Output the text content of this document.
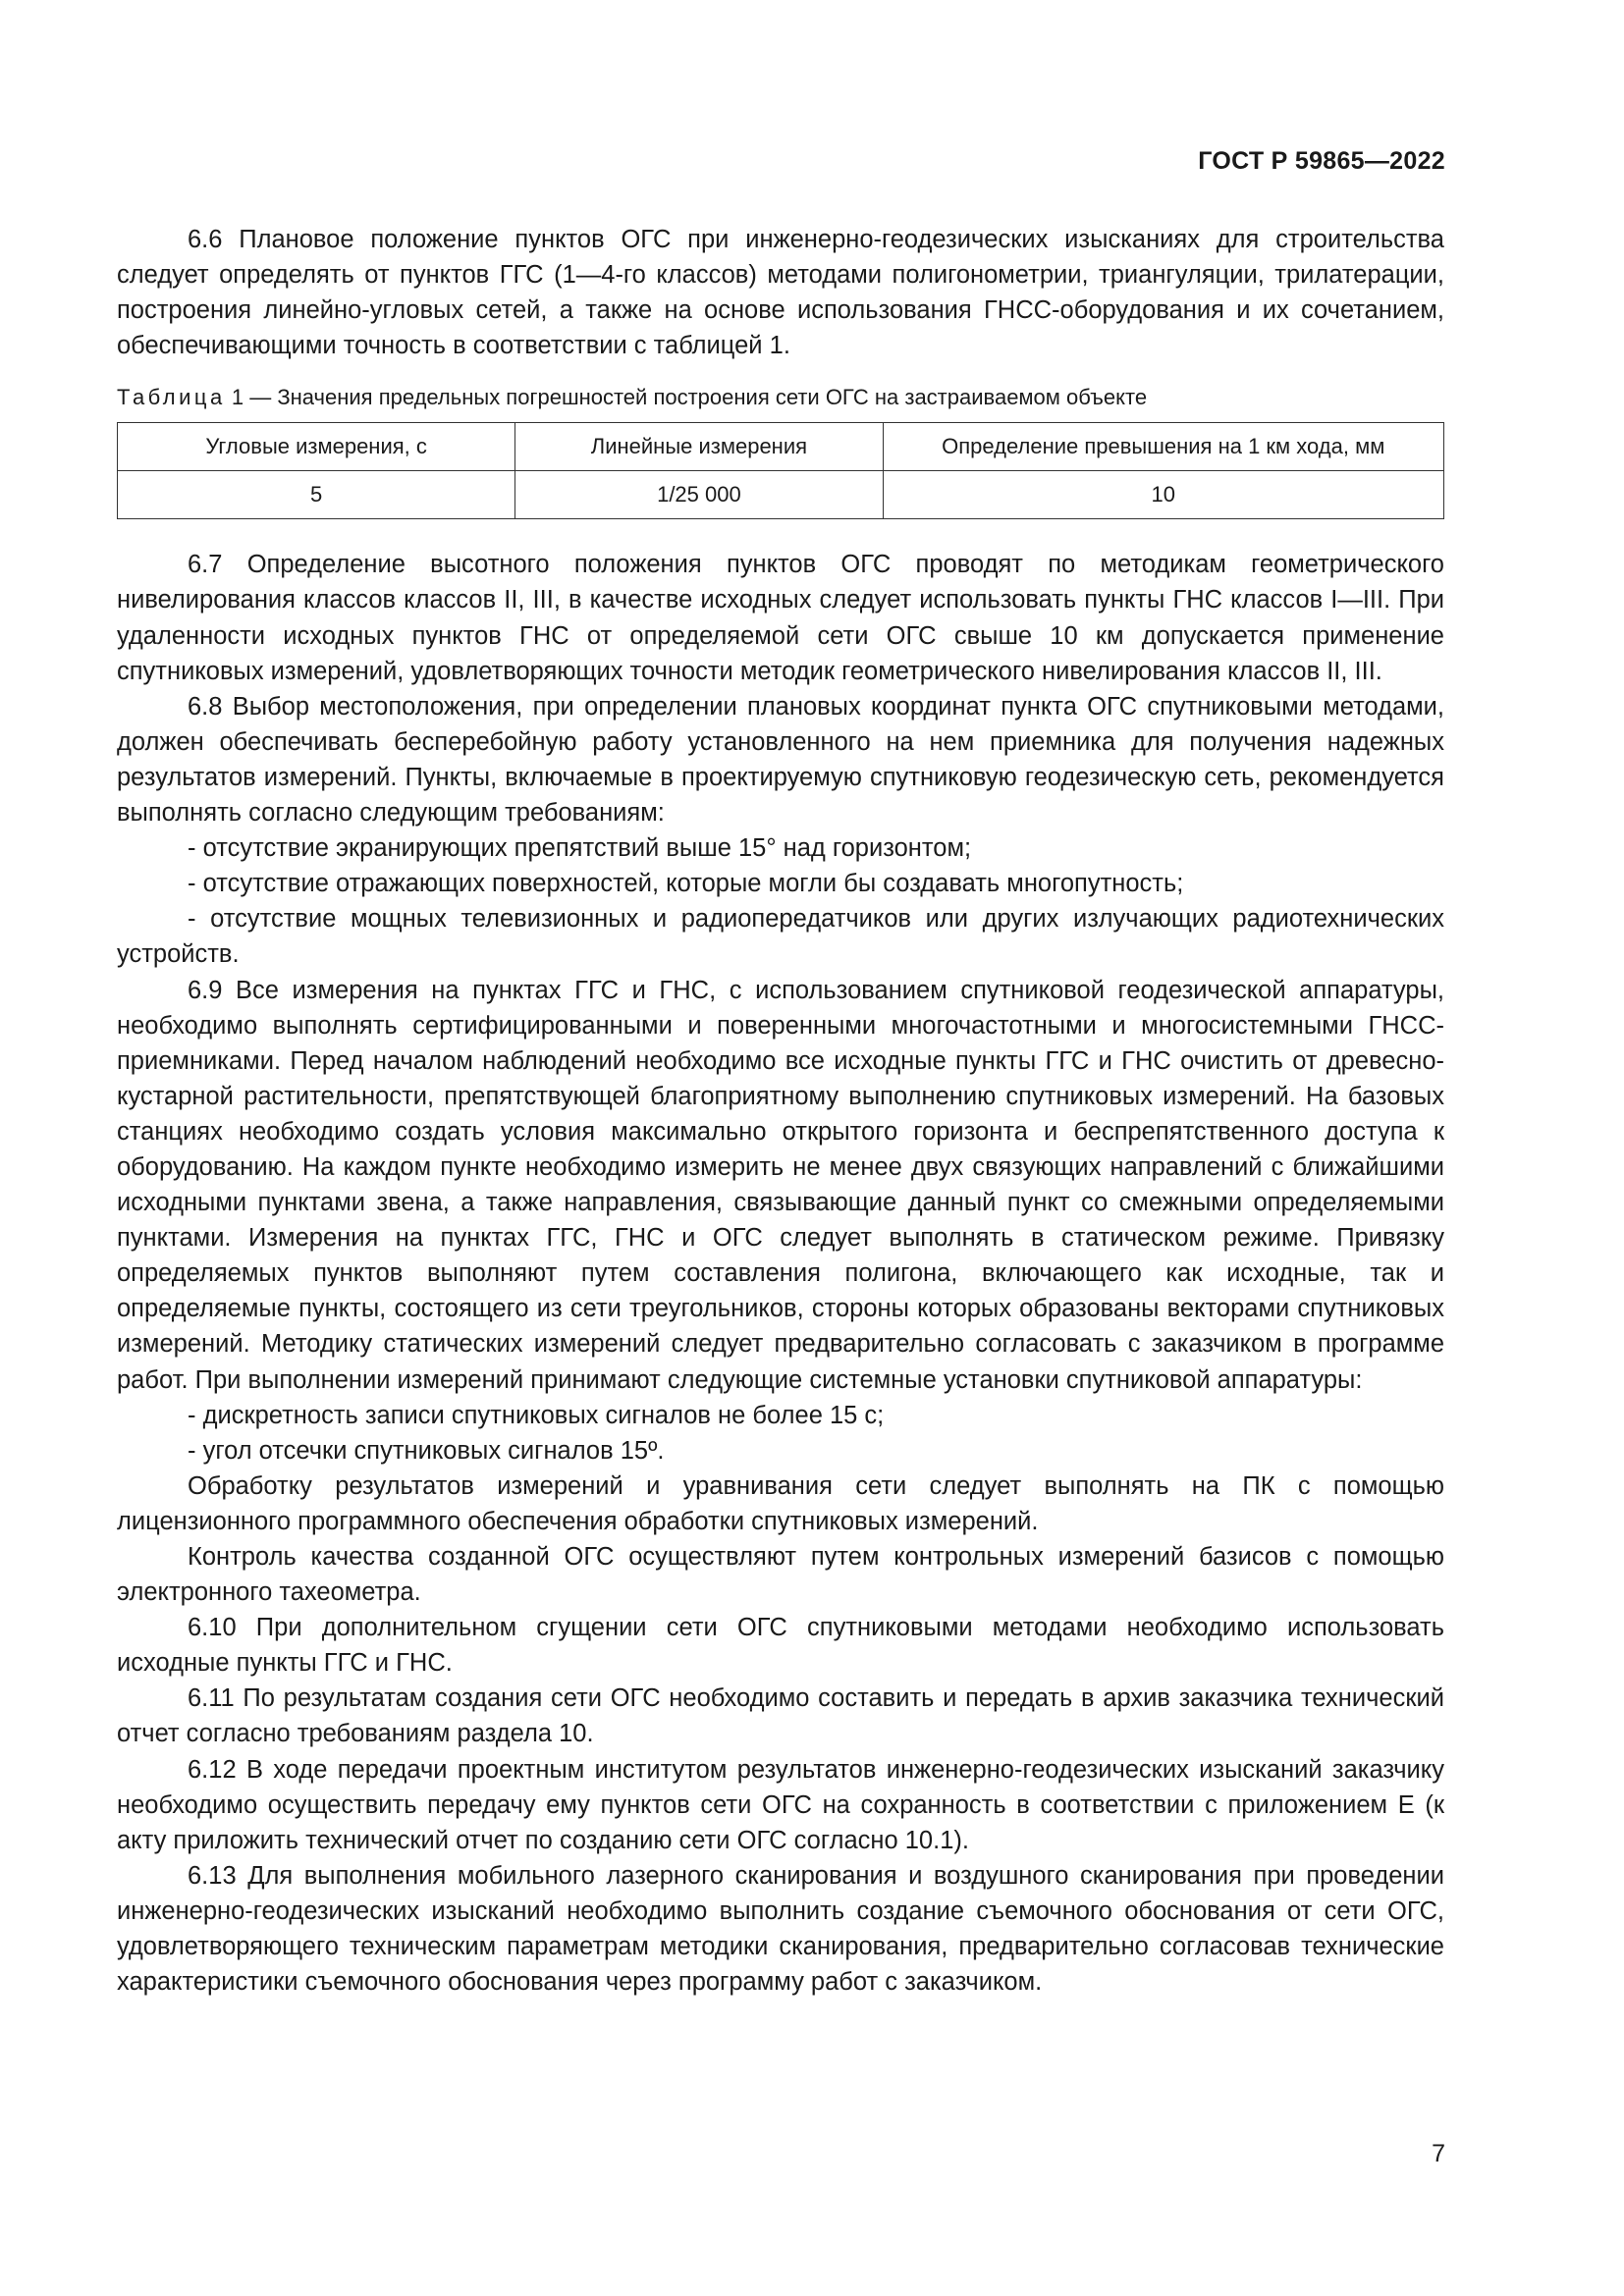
ГОСТ Р 59865—2022

6.6 Плановое положение пунктов ОГС при инженерно-геодезических изысканиях для строительства следует определять от пунктов ГГС (1—4-го классов) методами полигонометрии, триангуляции, трилатерации, построения линейно-угловых сетей, а также на основе использования ГНСС-оборудования и их сочетанием, обеспечивающими точность в соответствии с таблицей 1.

Таблица 1 — Значения предельных погрешностей построения сети ОГС на застраиваемом объекте
Угловые измерения, с	Линейные измерения	Определение превышения на 1 км хода, мм
5	1/25 000	10

6.7 Определение высотного положения пунктов ОГС проводят по методикам геометрического нивелирования классов классов II, III, в качестве исходных следует использовать пункты ГНС классов I—III. При удаленности исходных пунктов ГНС от определяемой сети ОГС свыше 10 км допускается применение спутниковых измерений, удовлетворяющих точности методик геометрического нивелирования классов II, III.

6.8 Выбор местоположения, при определении плановых координат пункта ОГС спутниковыми методами, должен обеспечивать бесперебойную работу установленного на нем приемника для получения надежных результатов измерений. Пункты, включаемые в проектируемую спутниковую геодезическую сеть, рекомендуется выполнять согласно следующим требованиям:

- отсутствие экранирующих препятствий выше 15° над горизонтом;

- отсутствие отражающих поверхностей, которые могли бы создавать многопутность;

- отсутствие мощных телевизионных и радиопередатчиков или других излучающих радиотехнических устройств.

6.9 Все измерения на пунктах ГГС и ГНС, с использованием спутниковой геодезической аппаратуры, необходимо выполнять сертифицированными и поверенными многочастотными и многосистемными ГНСС-приемниками. Перед началом наблюдений необходимо все исходные пункты ГГС и ГНС очистить от древесно-кустарной растительности, препятствующей благоприятному выполнению спутниковых измерений. На базовых станциях необходимо создать условия максимально открытого горизонта и беспрепятственного доступа к оборудованию. На каждом пункте необходимо измерить не менее двух связующих направлений с ближайшими исходными пунктами звена, а также направления, связывающие данный пункт со смежными определяемыми пунктами. Измерения на пунктах ГГС, ГНС и ОГС следует выполнять в статическом режиме. Привязку определяемых пунктов выполняют путем составления полигона, включающего как исходные, так и определяемые пункты, состоящего из сети треугольников, стороны которых образованы векторами спутниковых измерений. Методику статических измерений следует предварительно согласовать с заказчиком в программе работ. При выполнении измерений принимают следующие системные установки спутниковой аппаратуры:

- дискретность записи спутниковых сигналов не более 15 с;

- угол отсечки спутниковых сигналов 15º.

Обработку результатов измерений и уравнивания сети следует выполнять на ПК с помощью лицензионного программного обеспечения обработки спутниковых измерений.

Контроль качества созданной ОГС осуществляют путем контрольных измерений базисов с помощью электронного тахеометра.

6.10 При дополнительном сгущении сети ОГС спутниковыми методами необходимо использовать исходные пункты ГГС и ГНС.

6.11 По результатам создания сети ОГС необходимо составить и передать в архив заказчика технический отчет согласно требованиям раздела 10.

6.12 В ходе передачи проектным институтом результатов инженерно-геодезических изысканий заказчику необходимо осуществить передачу ему пунктов сети ОГС на сохранность в соответствии с приложением Е (к акту приложить технический отчет по созданию сети ОГС согласно 10.1).

6.13 Для выполнения мобильного лазерного сканирования и воздушного сканирования при проведении инженерно-геодезических изысканий необходимо выполнить создание съемочного обоснования от сети ОГС, удовлетворяющего техническим параметрам методики сканирования, предварительно согласовав технические характеристики съемочного обоснования через программу работ с заказчиком.

7
